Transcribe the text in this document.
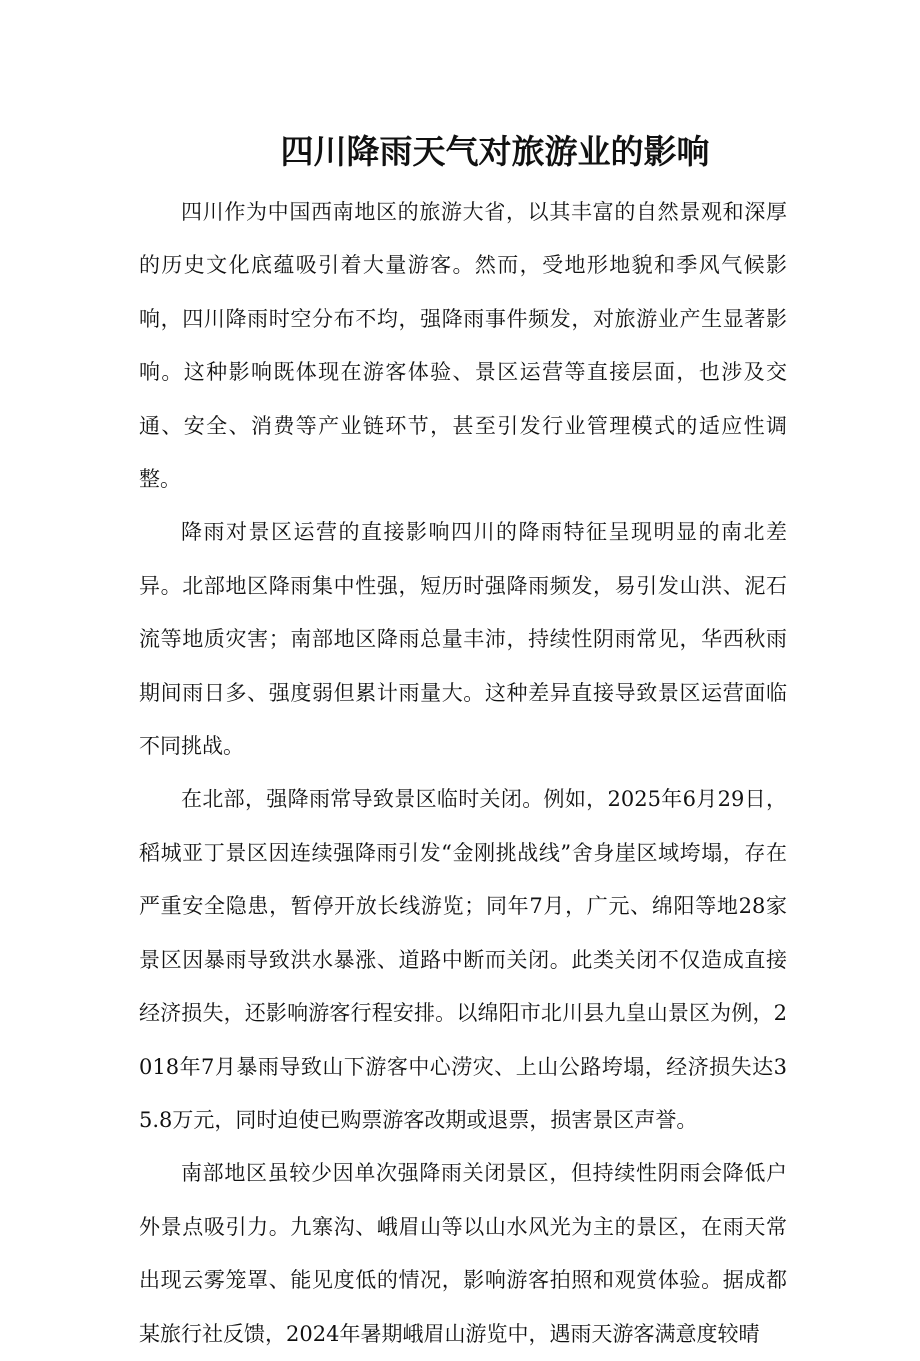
四川降雨天气对旅游业的影响

四川作为中国西南地区的旅游大省，以其丰富的自然景观和深厚的历史文化底蕴吸引着大量游客。然而，受地形地貌和季风气候影响，四川降雨时空分布不均，强降雨事件频发，对旅游业产生显著影响。这种影响既体现在游客体验、景区运营等直接层面，也涉及交通、安全、消费等产业链环节，甚至引发行业管理模式的适应性调整。

降雨对景区运营的直接影响四川的降雨特征呈现明显的南北差异。北部地区降雨集中性强，短历时强降雨频发，易引发山洪、泥石流等地质灾害；南部地区降雨总量丰沛，持续性阴雨常见，华西秋雨期间雨日多、强度弱但累计雨量大。这种差异直接导致景区运营面临不同挑战。

在北部，强降雨常导致景区临时关闭。例如，2025年6月29日，稻城亚丁景区因连续强降雨引发“金刚挑战线”舍身崖区域垮塌，存在严重安全隐患，暂停开放长线游览；同年7月，广元、绵阳等地28家景区因暴雨导致洪水暴涨、道路中断而关闭。此类关闭不仅造成直接经济损失，还影响游客行程安排。以绵阳市北川县九皇山景区为例，2018年7月暴雨导致山下游客中心涝灾、上山公路垮塌，经济损失达35.8万元，同时迫使已购票游客改期或退票，损害景区声誉。

南部地区虽较少因单次强降雨关闭景区，但持续性阴雨会降低户外景点吸引力。九寨沟、峨眉山等以山水风光为主的景区，在雨天常出现云雾笼罩、能见度低的情况，影响游客拍照和观赏体验。据成都某旅行社反馈，2024年暑期峨眉山游览中，遇雨天游客满意度较晴
